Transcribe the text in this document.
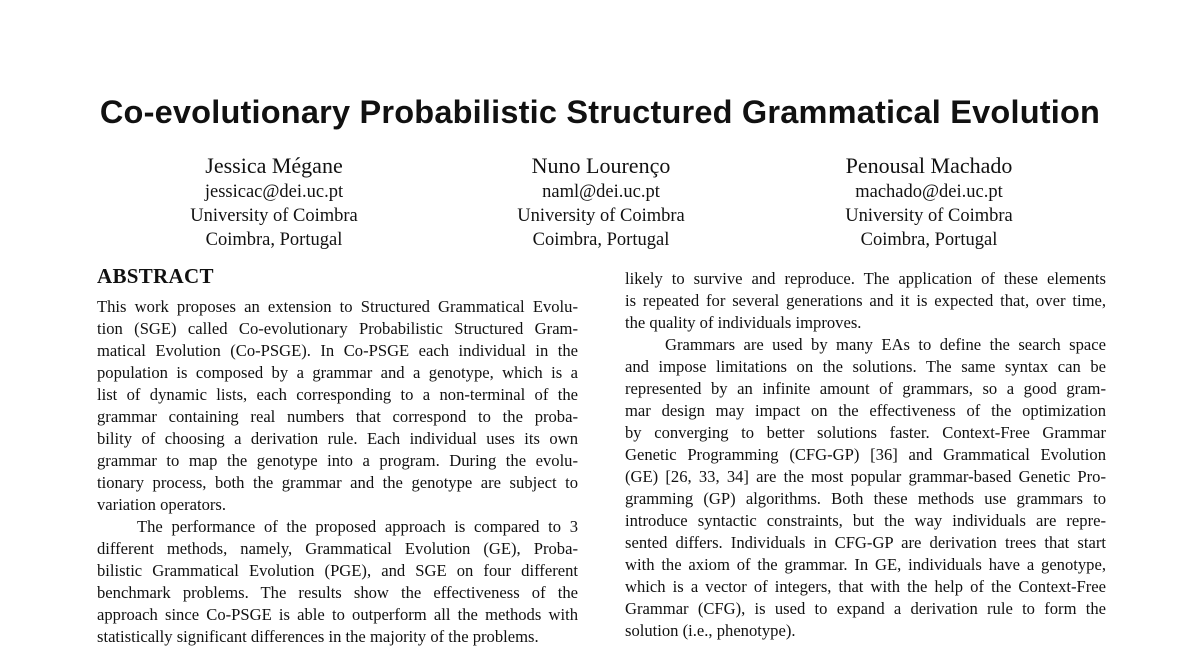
Co-evolutionary Probabilistic Structured Grammatical Evolution
Jessica Mégane
jessicac@dei.uc.pt
University of Coimbra
Coimbra, Portugal
Nuno Lourenço
naml@dei.uc.pt
University of Coimbra
Coimbra, Portugal
Penousal Machado
machado@dei.uc.pt
University of Coimbra
Coimbra, Portugal
ABSTRACT
This work proposes an extension to Structured Grammatical Evolu-
tion (SGE) called Co-evolutionary Probabilistic Structured Gram-
matical Evolution (Co-PSGE). In Co-PSGE each individual in the
population is composed by a grammar and a genotype, which is a
list of dynamic lists, each corresponding to a non-terminal of the
grammar containing real numbers that correspond to the proba-
bility of choosing a derivation rule. Each individual uses its own
grammar to map the genotype into a program. During the evolu-
tionary process, both the grammar and the genotype are subject to
variation operators.
The performance of the proposed approach is compared to 3
different methods, namely, Grammatical Evolution (GE), Proba-
bilistic Grammatical Evolution (PGE), and SGE on four different
benchmark problems. The results show the effectiveness of the
approach since Co-PSGE is able to outperform all the methods with
statistically significant differences in the majority of the problems.
likely to survive and reproduce. The application of these elements
is repeated for several generations and it is expected that, over time,
the quality of individuals improves.
Grammars are used by many EAs to define the search space
and impose limitations on the solutions. The same syntax can be
represented by an infinite amount of grammars, so a good gram-
mar design may impact on the effectiveness of the optimization
by converging to better solutions faster. Context-Free Grammar
Genetic Programming (CFG-GP) [36] and Grammatical Evolution
(GE) [26, 33, 34] are the most popular grammar-based Genetic Pro-
gramming (GP) algorithms. Both these methods use grammars to
introduce syntactic constraints, but the way individuals are repre-
sented differs. Individuals in CFG-GP are derivation trees that start
with the axiom of the grammar. In GE, individuals have a genotype,
which is a vector of integers, that with the help of the Context-Free
Grammar (CFG), is used to expand a derivation rule to form the
solution (i.e., phenotype).
